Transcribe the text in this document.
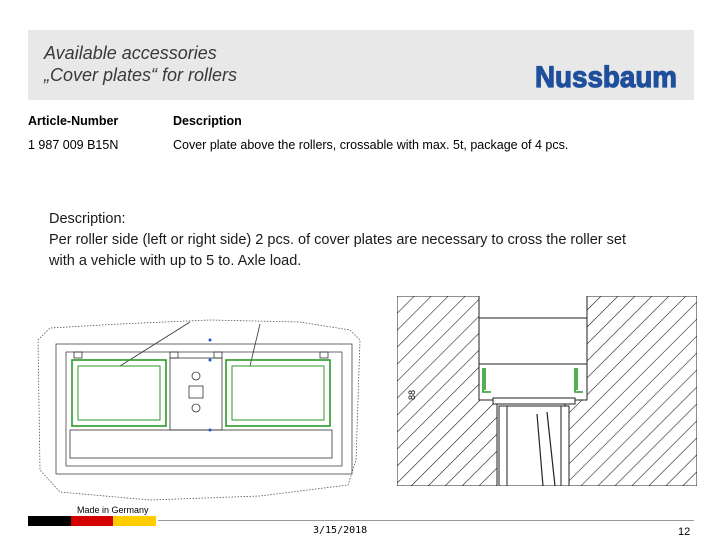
Available accessories
„Cover plates“ for rollers	Nussbaum
Article-Number	Description
1 987 009 B15N	Cover plate above the rollers, crossable with max. 5t, package of 4 pcs.
Description:
Per roller side (left or right side) 2 pcs. of cover plates are necessary to cross the roller set
with a vehicle with up to 5 to. Axle load.
88
Made in Germany
3/15/2018	12
